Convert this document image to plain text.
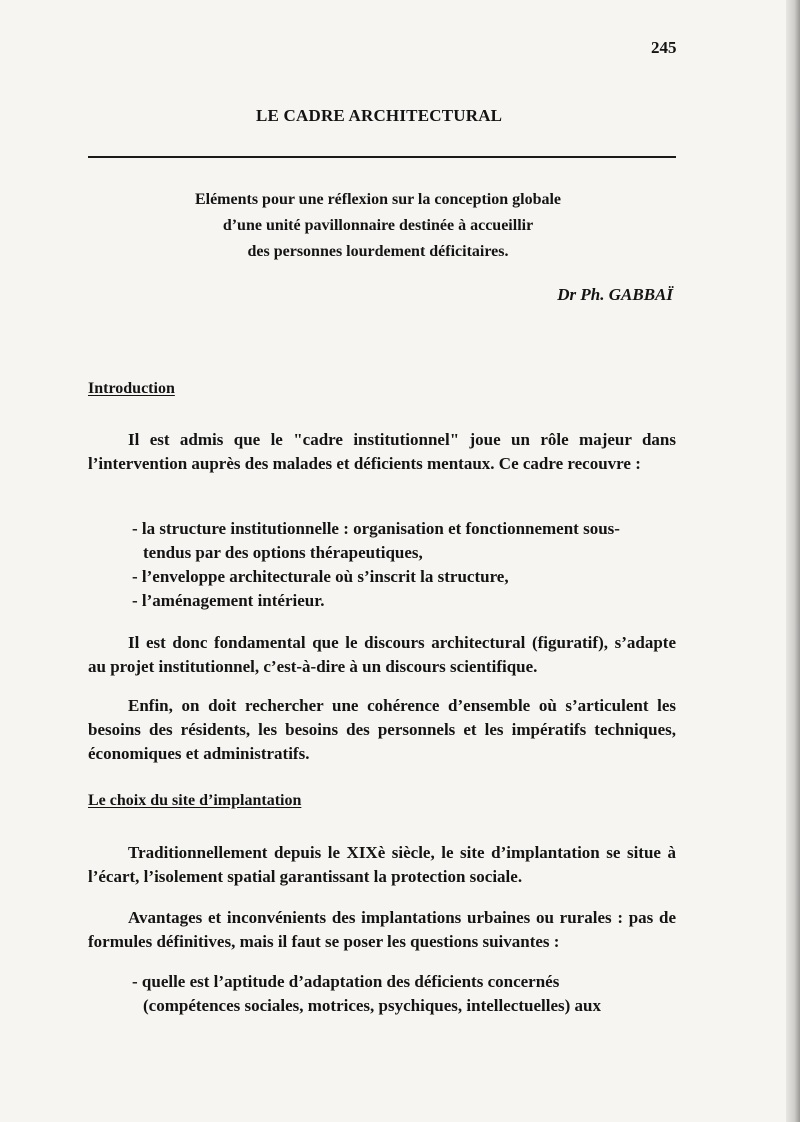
245
LE CADRE ARCHITECTURAL
Eléments pour une réflexion sur la conception globale
d’une unité pavillonnaire destinée à accueillir
des personnes lourdement déficitaires.
Dr Ph. GABBAÏ
Introduction
Il est admis que le "cadre institutionnel" joue un rôle majeur dans l’intervention auprès des malades et déficients mentaux. Ce cadre recouvre :
- la structure institutionnelle : organisation et fonctionnement sous-
tendus par des options thérapeutiques,
- l’enveloppe architecturale où s’inscrit la structure,
- l’aménagement intérieur.
Il est donc fondamental que le discours architectural (figuratif), s’adapte au projet institutionnel, c’est-à-dire à un discours scientifique.
Enfin, on doit rechercher une cohérence d’ensemble où s’articulent les besoins des résidents, les besoins des personnels et les impératifs techniques, économiques et administratifs.
Le choix du site d’implantation
Traditionnellement depuis le XIXè siècle, le site d’implantation se situe à l’écart, l’isolement spatial garantissant la protection sociale.
Avantages et inconvénients des implantations urbaines ou rurales : pas de formules définitives, mais il faut se poser les questions suivantes :
- quelle est l’aptitude d’adaptation des déficients concernés
(compétences sociales, motrices, psychiques, intellectuelles) aux
